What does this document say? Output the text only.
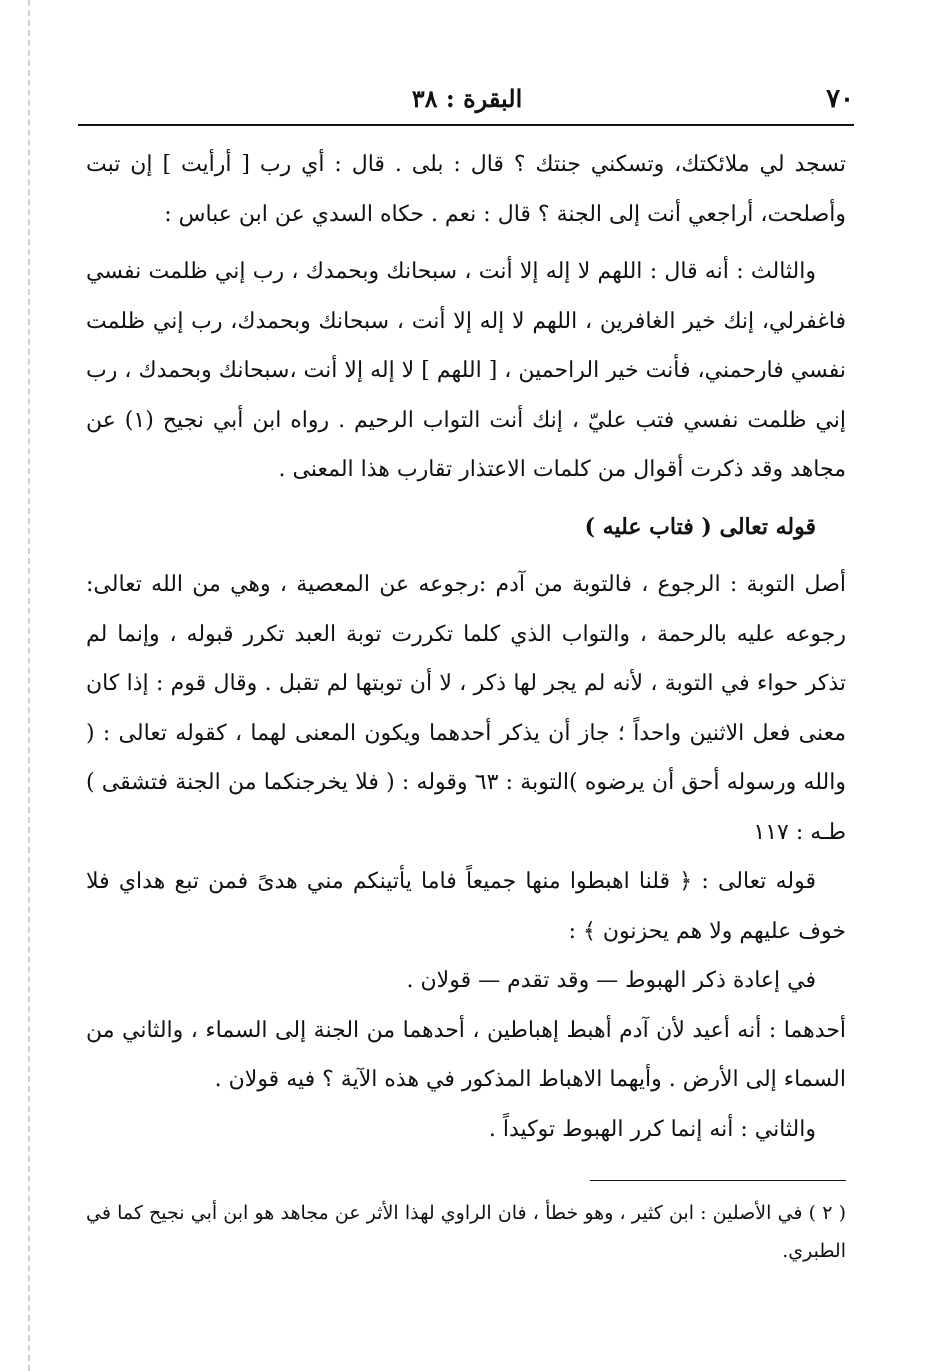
٧٠
البقرة : ٣٨

تسجد لي ملائكتك، وتسكني جنتك ؟ قال : بلى . قال : أي رب [ أرأيت ] إن تبت وأصلحت، أراجعي أنت إلى الجنة ؟ قال : نعم . حكاه السدي عن ابن عباس :

والثالث : أنه قال : اللهم لا إله إلا أنت ، سبحانك وبحمدك ، رب إني ظلمت نفسي فاغفرلي، إنك خير الغافرين ، اللهم لا إله إلا أنت ، سبحانك وبحمدك، رب إني ظلمت نفسي فارحمني، فأنت خير الراحمين ، [ اللهم ] لا إله إلا أنت ،سبحانك وبحمدك ، رب إني ظلمت نفسي فتب عليّ ، إنك أنت التواب الرحيم . رواه ابن أبي نجيح (١) عن مجاهد وقد ذكرت أقوال من كلمات الاعتذار تقارب هذا المعنى .

قوله تعالى ( فتاب عليه )

أصل التوبة : الرجوع ، فالتوبة من آدم :رجوعه عن المعصية ، وهي من الله تعالى: رجوعه عليه بالرحمة ، والتواب الذي كلما تكررت توبة العبد تكرر قبوله ، وإنما لم تذكر حواء في التوبة ، لأنه لم يجر لها ذكر ، لا أن توبتها لم تقبل . وقال قوم : إذا كان معنى فعل الاثنين واحداً ؛ جاز أن يذكر أحدهما ويكون المعنى لهما ، كقوله تعالى : ( والله ورسوله أحق أن يرضوه )التوبة : ٦٣ وقوله : ( فلا يخرجنكما من الجنة فتشقى ) طـه : ١١٧

قوله تعالى : ﴿ قلنا اهبطوا منها جميعاً فاما يأتينكم مني هدىً فمن تبع هداي فلا خوف عليهم ولا هم يحزنون ﴾ :

في إعادة ذكر الهبوط — وقد تقدم — قولان .

أحدهما : أنه أعيد لأن آدم أهبط إهباطين ، أحدهما من الجنة إلى السماء ، والثاني من السماء إلى الأرض . وأيهما الاهباط المذكور في هذه الآية ؟ فيه قولان .

والثاني : أنه إنما كرر الهبوط توكيداً .

( ٢ ) في الأصلين : ابن كثير ، وهو خطأ ، فان الراوي لهذا الأثر عن مجاهد هو ابن أبي نجيح كما في الطبري.
